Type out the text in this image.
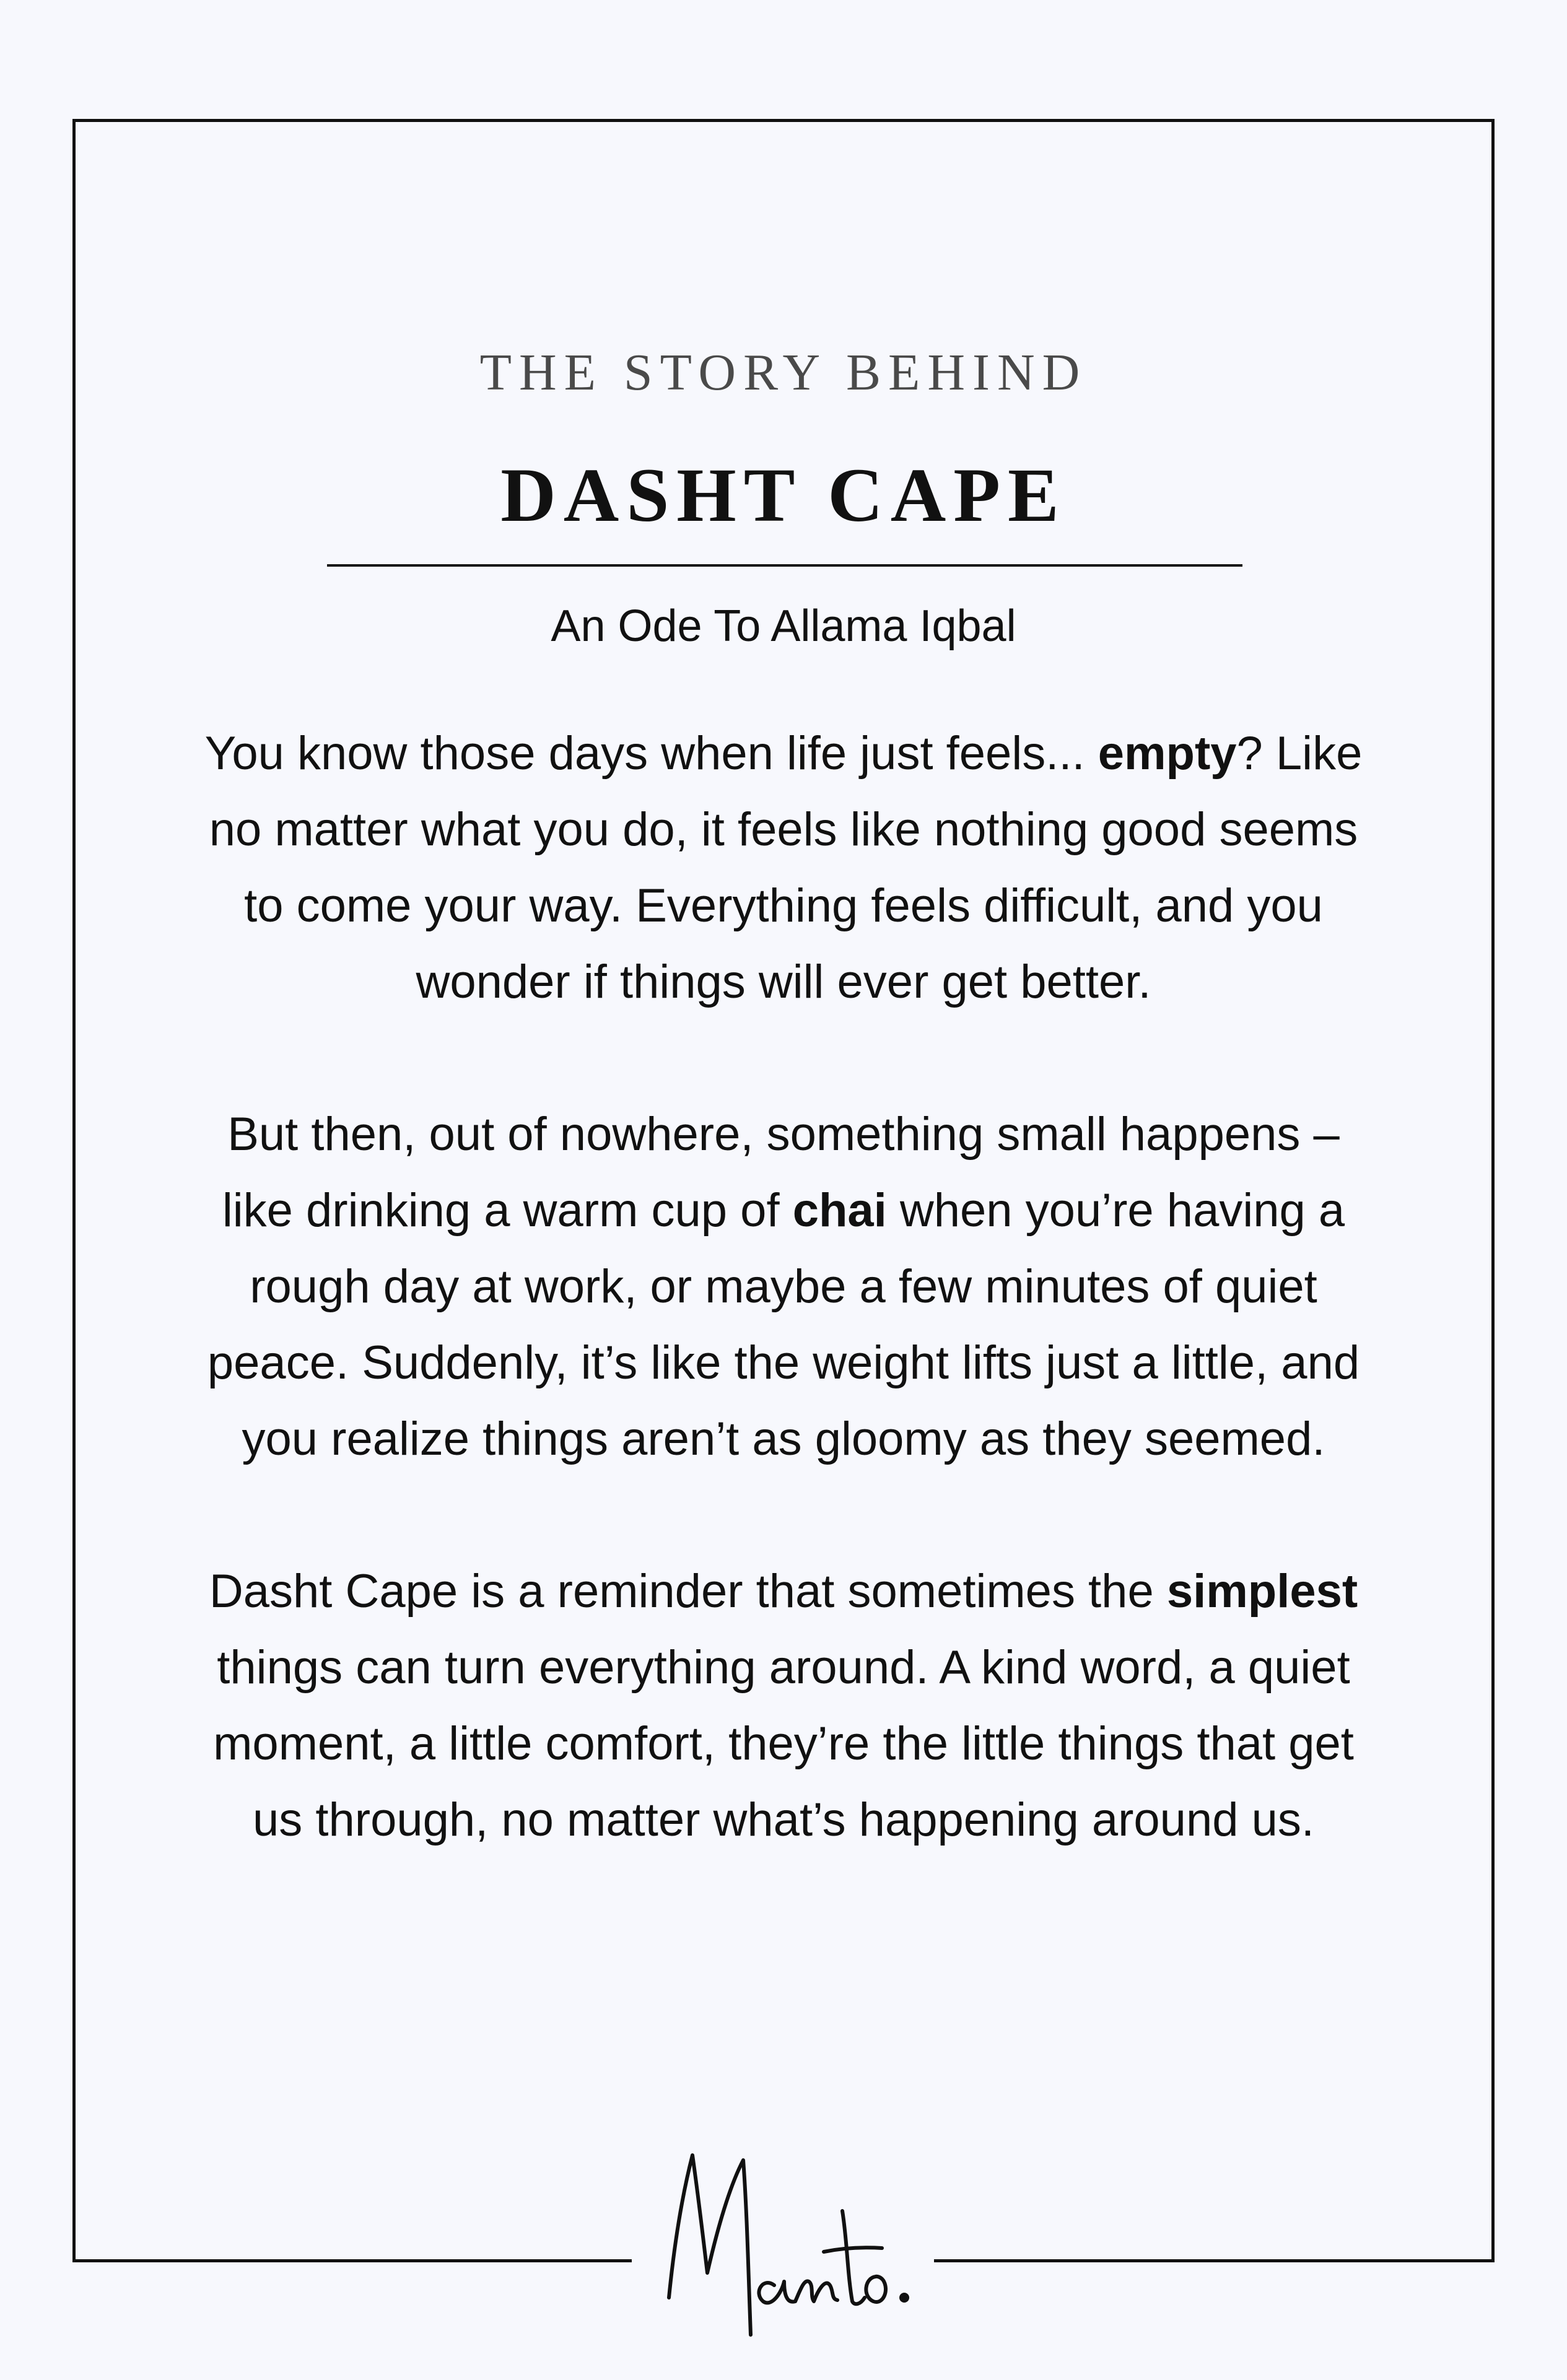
THE STORY BEHIND
DASHT CAPE
An Ode To Allama Iqbal

You know those days when life just feels... empty? Like no matter what you do, it feels like nothing good seems to come your way. Everything feels difficult, and you wonder if things will ever get better.

But then, out of nowhere, something small happens – like drinking a warm cup of chai when you’re having a rough day at work, or maybe a few minutes of quiet peace. Suddenly, it’s like the weight lifts just a little, and you realize things aren’t as gloomy as they seemed.

Dasht Cape is a reminder that sometimes the simplest things can turn everything around. A kind word, a quiet moment, a little comfort, they’re the little things that get us through, no matter what’s happening around us.
